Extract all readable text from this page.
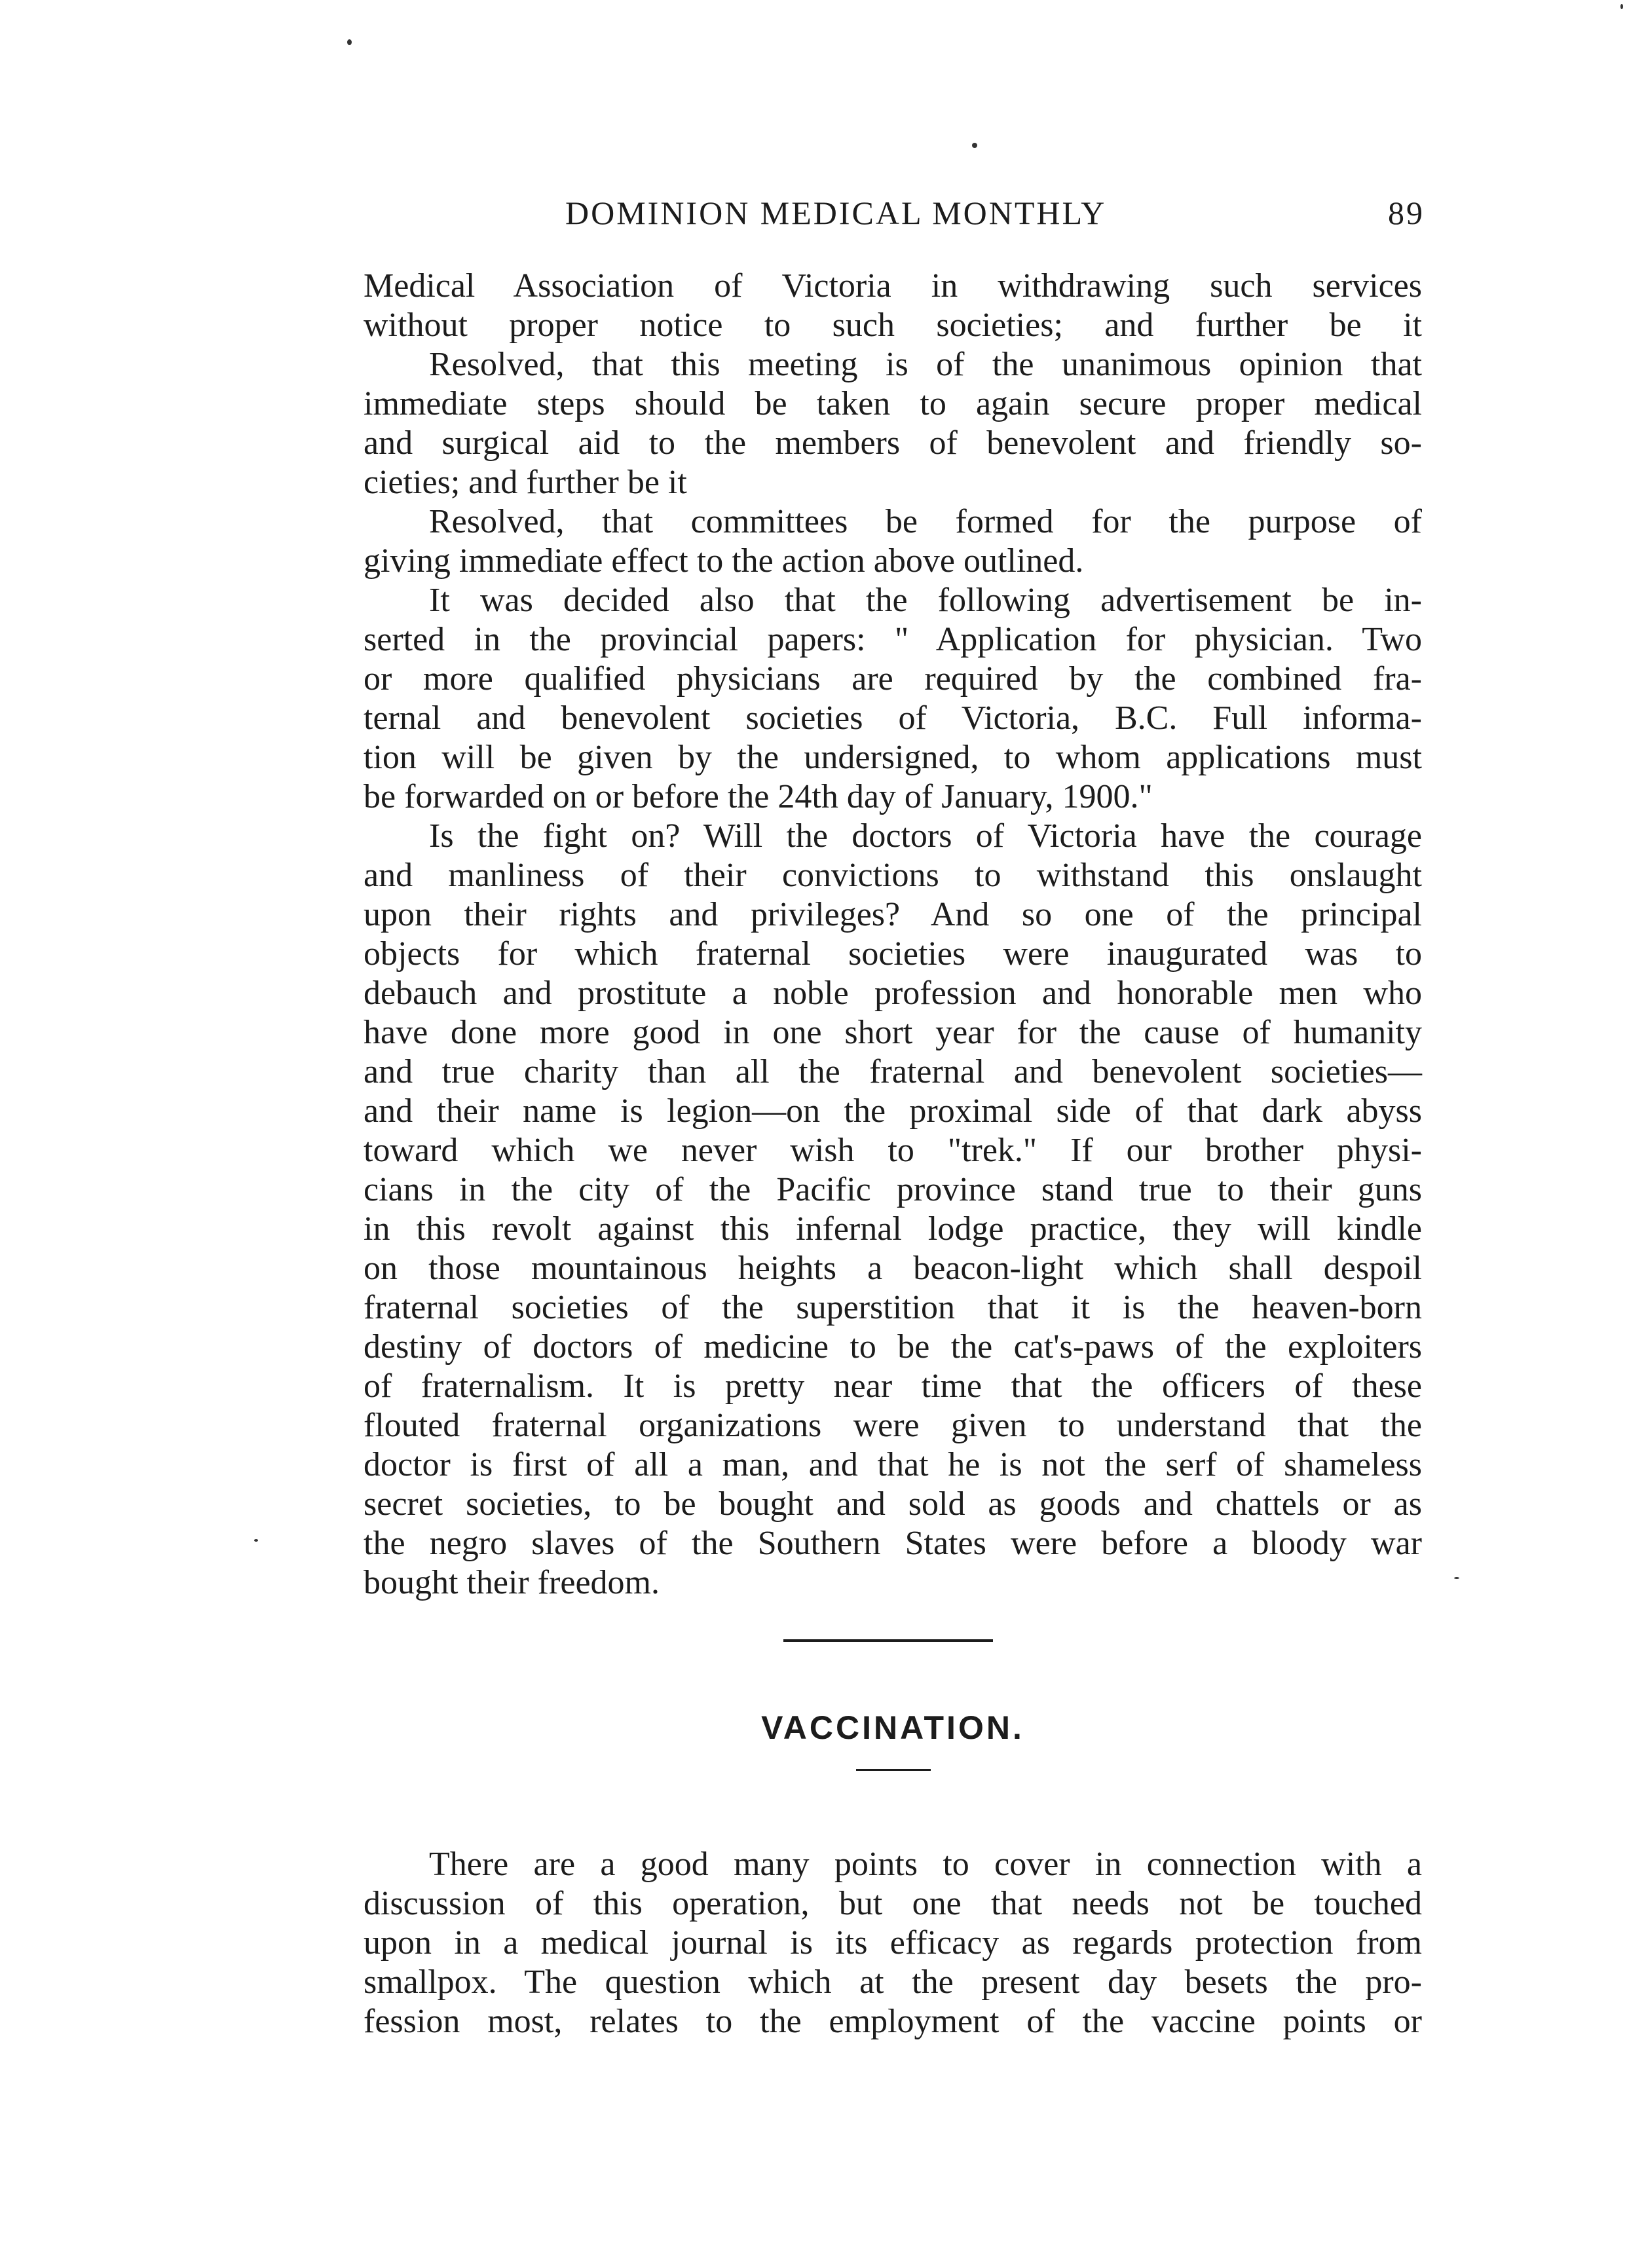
DOMINION MEDICAL MONTHLY	89
Medical Association of Victoria in withdrawing such services
without proper notice to such societies; and further be it
Resolved, that this meeting is of the unanimous opinion that
immediate steps should be taken to again secure proper medical
and surgical aid to the members of benevolent and friendly so-
cieties; and further be it
Resolved, that committees be formed for the purpose of
giving immediate effect to the action above outlined.
It was decided also that the following advertisement be in-
serted in the provincial papers: " Application for physician. Two
or more qualified physicians are required by the combined fra-
ternal and benevolent societies of Victoria, B.C. Full informa-
tion will be given by the undersigned, to whom applications must
be forwarded on or before the 24th day of January, 1900."
Is the fight on? Will the doctors of Victoria have the courage
and manliness of their convictions to withstand this onslaught
upon their rights and privileges? And so one of the principal
objects for which fraternal societies were inaugurated was to
debauch and prostitute a noble profession and honorable men who
have done more good in one short year for the cause of humanity
and true charity than all the fraternal and benevolent societies—
and their name is legion—on the proximal side of that dark abyss
toward which we never wish to "trek." If our brother physi-
cians in the city of the Pacific province stand true to their guns
in this revolt against this infernal lodge practice, they will kindle
on those mountainous heights a beacon-light which shall despoil
fraternal societies of the superstition that it is the heaven-born
destiny of doctors of medicine to be the cat's-paws of the exploiters
of fraternalism. It is pretty near time that the officers of these
flouted fraternal organizations were given to understand that the
doctor is first of all a man, and that he is not the serf of shameless
secret societies, to be bought and sold as goods and chattels or as
the negro slaves of the Southern States were before a bloody war
bought their freedom.
VACCINATION.
There are a good many points to cover in connection with a
discussion of this operation, but one that needs not be touched
upon in a medical journal is its efficacy as regards protection from
smallpox. The question which at the present day besets the pro-
fession most, relates to the employment of the vaccine points or
